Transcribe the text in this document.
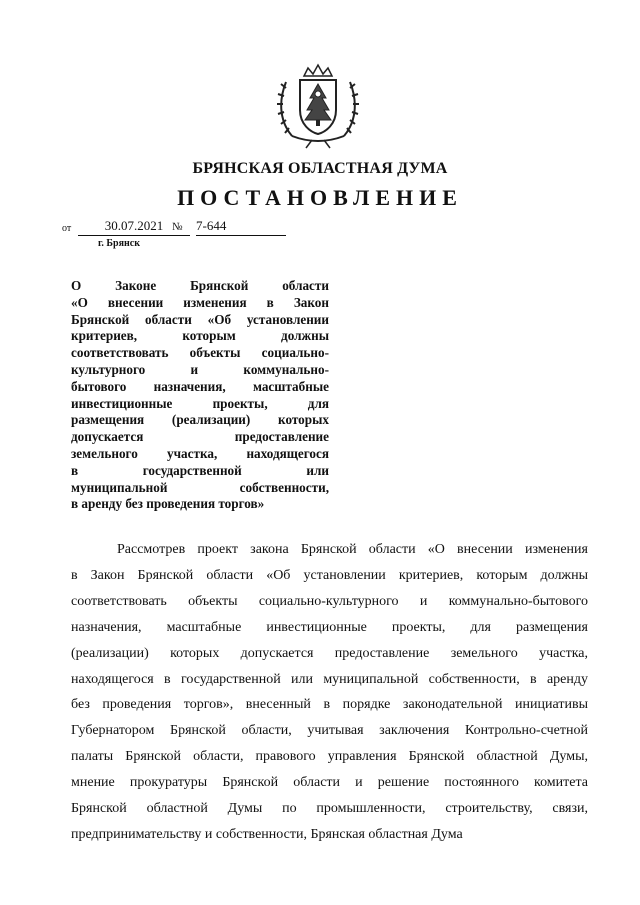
БРЯНСКАЯ ОБЛАСТНАЯ ДУМА
ПОСТАНОВЛЕНИЕ
от	30.07.2021 № 7-644
г. Брянск
О Законе Брянской области
«О внесении изменения в Закон
Брянской области «Об установлении
критериев, которым должны
соответствовать объекты социально-
культурного и коммунально-
бытового назначения, масштабные
инвестиционные проекты, для
размещения (реализации) которых
допускается предоставление
земельного участка, находящегося
в государственной или
муниципальной собственности,
в аренду без проведения торгов»
Рассмотрев проект закона Брянской области «О внесении изменения
в Закон Брянской области «Об установлении критериев, которым должны
соответствовать объекты социально-культурного и коммунально-бытового
назначения, масштабные инвестиционные проекты, для размещения
(реализации) которых допускается предоставление земельного участка,
находящегося в государственной или муниципальной собственности, в аренду
без проведения торгов», внесенный в порядке законодательной инициативы
Губернатором Брянской области, учитывая заключения Контрольно-счетной
палаты Брянской области, правового управления Брянской областной Думы,
мнение прокуратуры Брянской области и решение постоянного комитета
Брянской областной Думы по промышленности, строительству, связи,
предпринимательству и собственности, Брянская областная Дума
